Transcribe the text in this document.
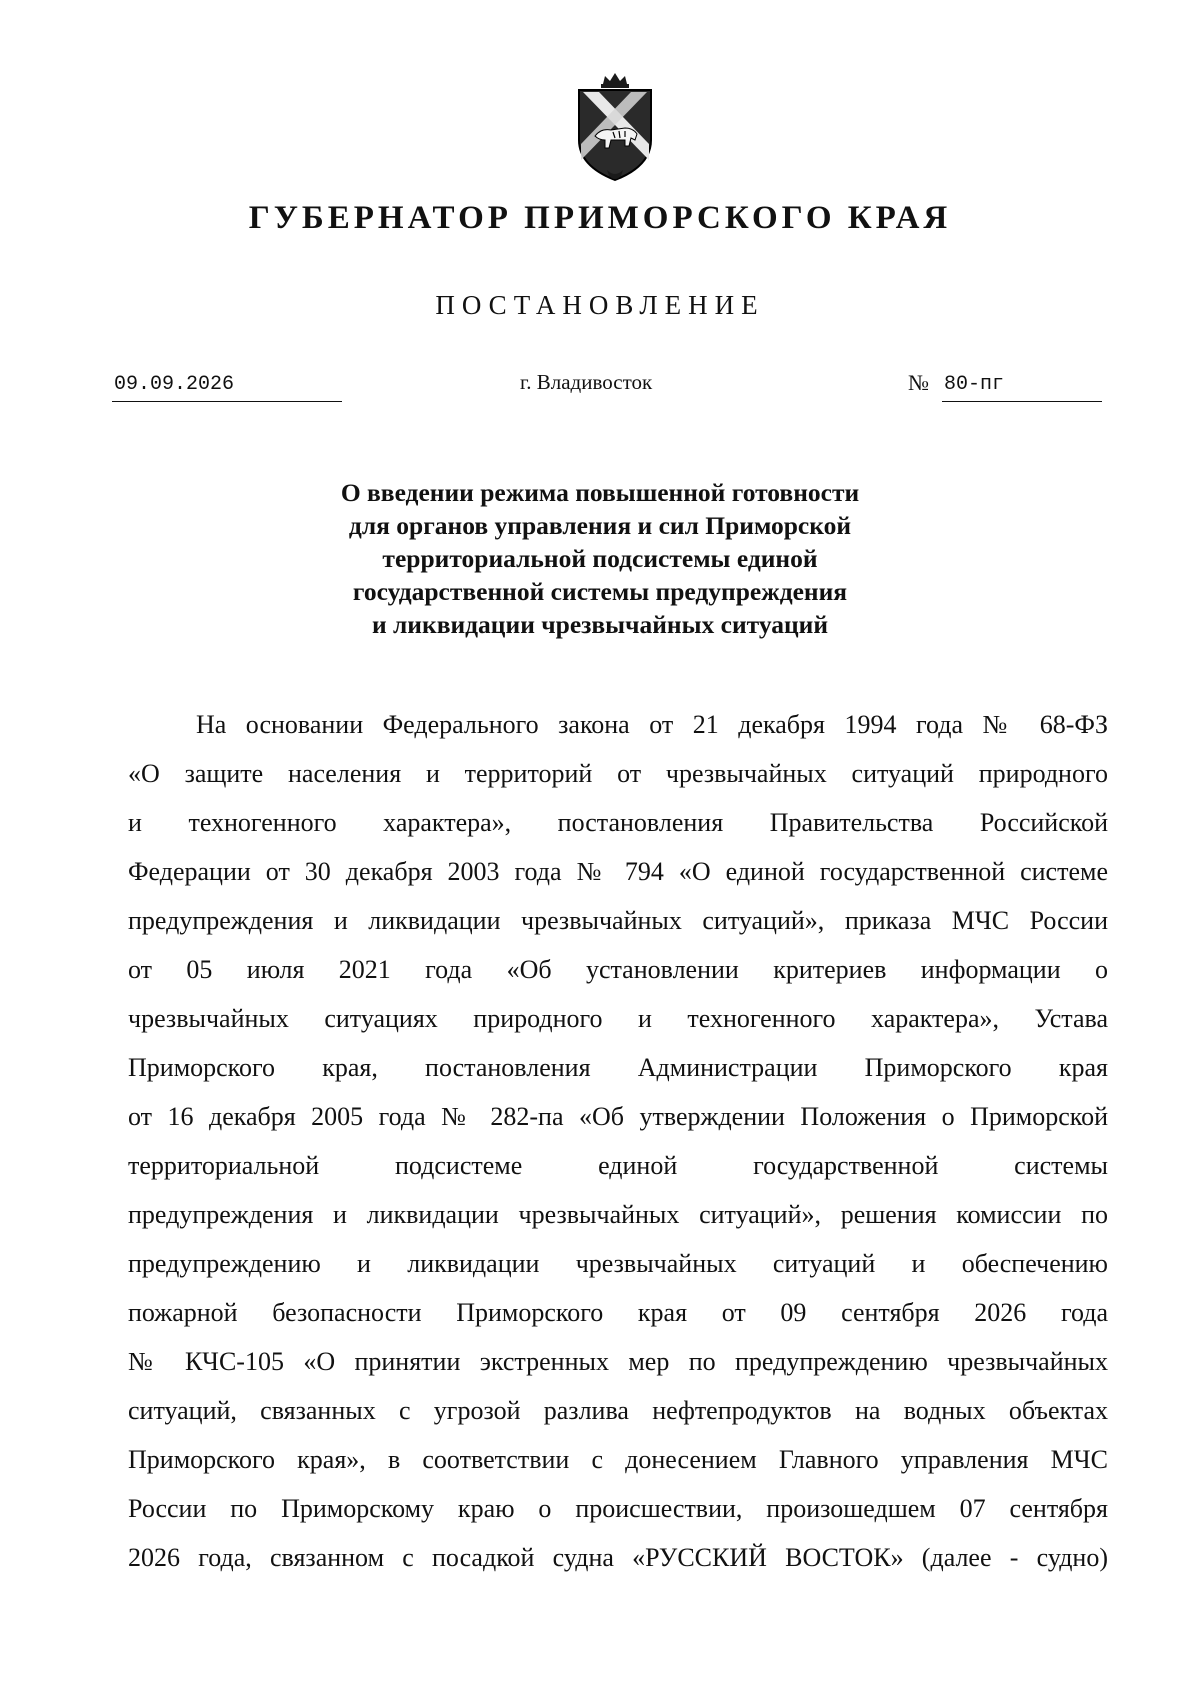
ГУБЕРНАТОР ПРИМОРСКОГО КРАЯ
ПОСТАНОВЛЕНИЕ
09.09.2026	г. Владивосток	№ 80-пг
О введении режима повышенной готовности
для органов управления и сил Приморской
территориальной подсистемы единой
государственной системы предупреждения
и ликвидации чрезвычайных ситуаций
На основании Федерального закона от 21 декабря 1994 года № 68-ФЗ
«О защите населения и территорий от чрезвычайных ситуаций природного
и техногенного характера», постановления Правительства Российской
Федерации от 30 декабря 2003 года № 794 «О единой государственной системе
предупреждения и ликвидации чрезвычайных ситуаций», приказа МЧС России
от 05 июля 2021 года «Об установлении критериев информации о
чрезвычайных ситуациях природного и техногенного характера», Устава
Приморского края, постановления Администрации Приморского края
от 16 декабря 2005 года № 282-па «Об утверждении Положения о Приморской
территориальной подсистеме единой государственной системы
предупреждения и ликвидации чрезвычайных ситуаций», решения комиссии по
предупреждению и ликвидации чрезвычайных ситуаций и обеспечению
пожарной безопасности Приморского края от 09 сентября 2026 года
№ КЧС-105 «О принятии экстренных мер по предупреждению чрезвычайных
ситуаций, связанных с угрозой разлива нефтепродуктов на водных объектах
Приморского края», в соответствии с донесением Главного управления МЧС
России по Приморскому краю о происшествии, произошедшем 07 сентября
2026 года, связанном с посадкой судна «РУССКИЙ ВОСТОК» (далее - судно)
